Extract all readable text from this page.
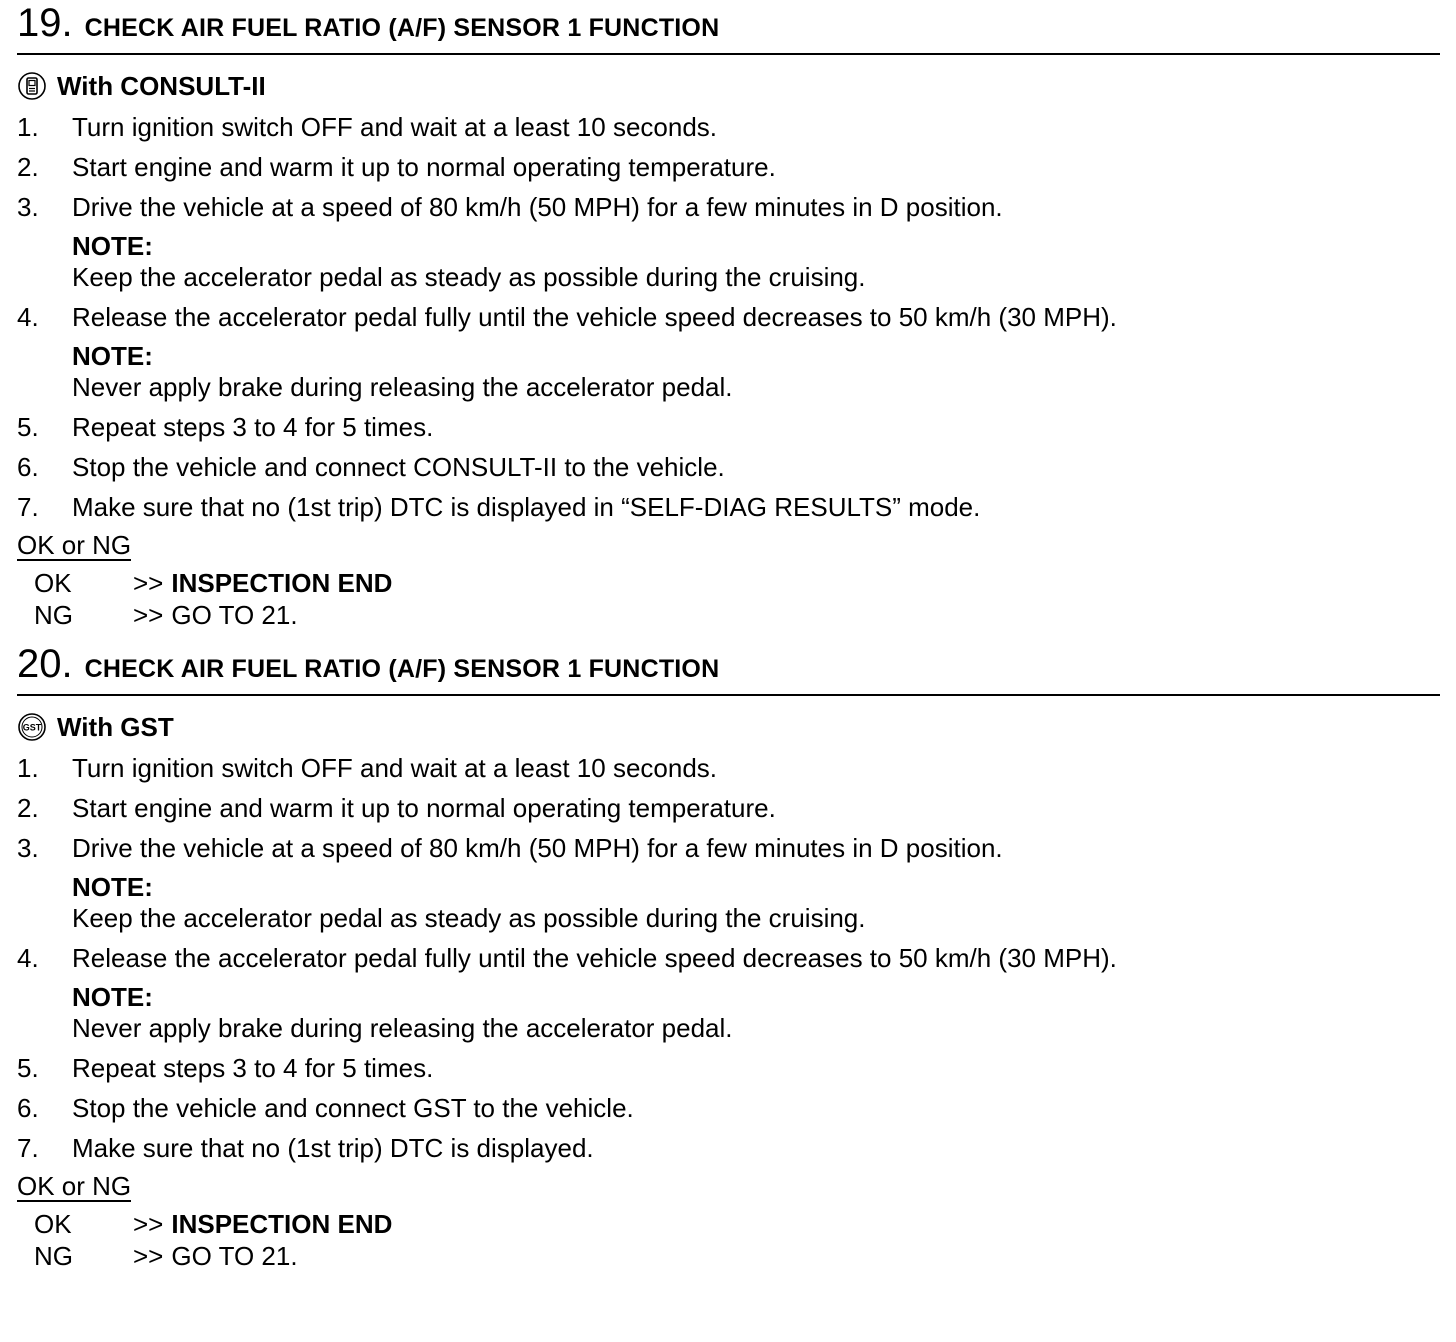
19. CHECK AIR FUEL RATIO (A/F) SENSOR 1 FUNCTION
With CONSULT-II
1.	Turn ignition switch OFF and wait at a least 10 seconds.
2.	Start engine and warm it up to normal operating temperature.
3.	Drive the vehicle at a speed of 80 km/h (50 MPH) for a few minutes in D position.
NOTE:
Keep the accelerator pedal as steady as possible during the cruising.
4.	Release the accelerator pedal fully until the vehicle speed decreases to 50 km/h (30 MPH).
NOTE:
Never apply brake during releasing the accelerator pedal.
5.	Repeat steps 3 to 4 for 5 times.
6.	Stop the vehicle and connect CONSULT-II to the vehicle.
7.	Make sure that no (1st trip) DTC is displayed in “SELF-DIAG RESULTS” mode.
OK or NG
OK	>> INSPECTION END
NG	>> GO TO 21.
20. CHECK AIR FUEL RATIO (A/F) SENSOR 1 FUNCTION
GST With GST
1.	Turn ignition switch OFF and wait at a least 10 seconds.
2.	Start engine and warm it up to normal operating temperature.
3.	Drive the vehicle at a speed of 80 km/h (50 MPH) for a few minutes in D position.
NOTE:
Keep the accelerator pedal as steady as possible during the cruising.
4.	Release the accelerator pedal fully until the vehicle speed decreases to 50 km/h (30 MPH).
NOTE:
Never apply brake during releasing the accelerator pedal.
5.	Repeat steps 3 to 4 for 5 times.
6.	Stop the vehicle and connect GST to the vehicle.
7.	Make sure that no (1st trip) DTC is displayed.
OK or NG
OK	>> INSPECTION END
NG	>> GO TO 21.
